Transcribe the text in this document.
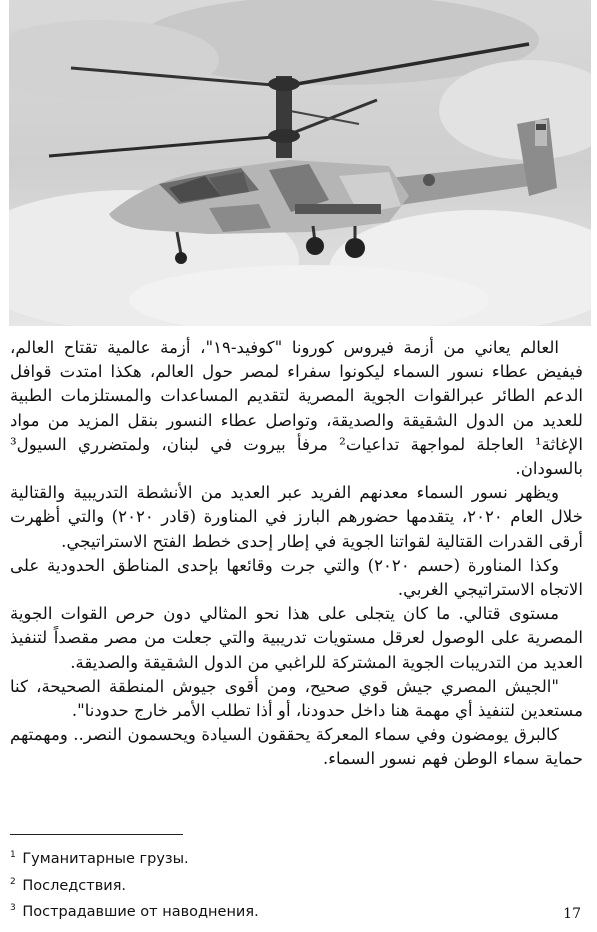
العالم يعاني من أزمة فيروس كورونا "كوفيد-١٩"، أزمة عالمية تقتاح العالم، فيفيض عطاء نسور السماء ليكونوا سفراء لمصر حول العالم، هكذا امتدت قوافل الدعم الطائر عبرالقوات الجوية المصرية لتقديم المساعدات والمستلزمات الطبية للعديد من الدول الشقيقة والصديقة، وتواصل عطاء النسور بنقل المزيد من مواد الإغاثة¹ العاجلة لمواجهة تداعيات² مرفأ بيروت في لبنان، ولمتضرري السيول³ بالسودان.

ويظهر نسور السماء معدنهم الفريد عبر العديد من الأنشطة التدريبية والقتالية خلال العام ٢٠٢٠، يتقدمها حضورهم البارز في المناورة (قادر ٢٠٢٠) والتي أظهرت أرقى القدرات القتالية لقواتنا الجوية في إطار إحدى خطط الفتح الاستراتيجي.

وكذا المناورة (حسم ٢٠٢٠) والتي جرت وقائعها بإحدى المناطق الحدودية على الاتجاه الاستراتيجي الغربي.

مستوى قتالي. ما كان يتجلى على هذا نحو المثالي دون حرص القوات الجوية المصرية على الوصول لعرقل مستويات تدريبية والتي جعلت من مصر مقصداً لتنفيذ العديد من التدريبات الجوية المشتركة للراغبي من الدول الشقيقة والصديقة.

"الجيش المصري جيش قوي صحيح، ومن أقوى جيوش المنطقة الصحيحة، كنا مستعدين لتنفيذ أي مهمة هنا داخل حدودنا، أو أذا تطلب الأمر خارج حدودنا".

كالبرق يومضون وفي سماء المعركة يحققون السيادة ويحسمون النصر.. ومهمتهم حماية سماء الوطن فهم نسور السماء.

$^1$ Гуманитарные грузы.
$^2$ Последствия.
$^3$ Пострадавшие от наводнения.	17
